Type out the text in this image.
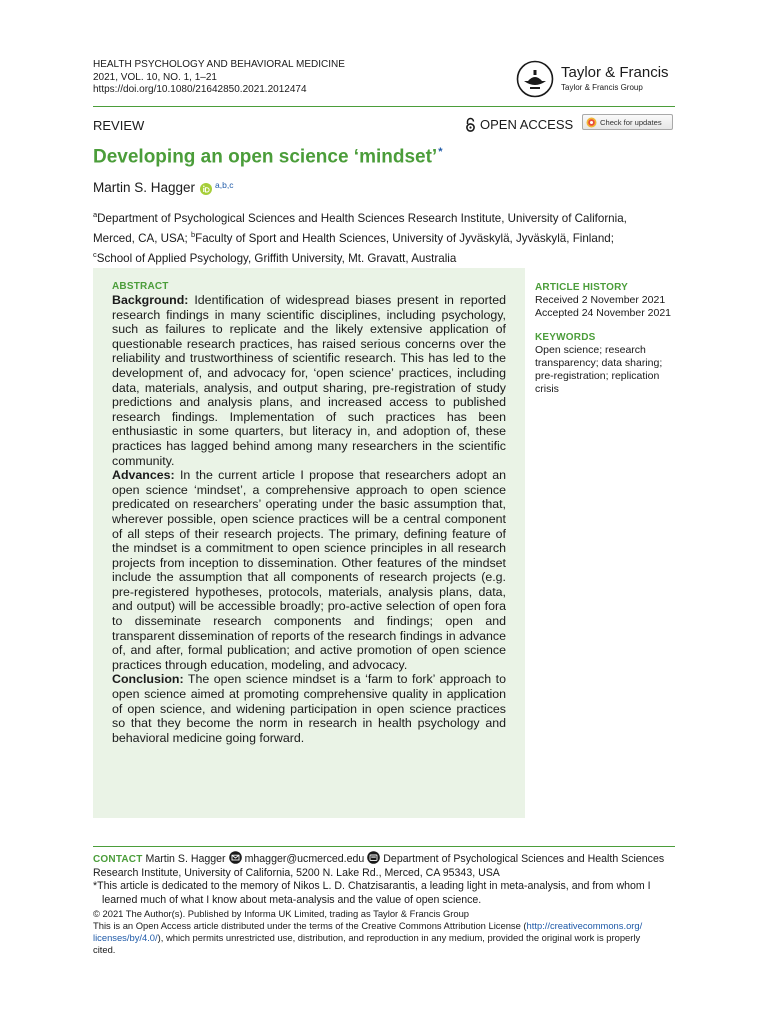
HEALTH PSYCHOLOGY AND BEHAVIORAL MEDICINE
2021, VOL. 10, NO. 1, 1–21
https://doi.org/10.1080/21642850.2021.2012474
Taylor & Francis
Taylor & Francis Group
REVIEW	OPEN ACCESS	Check for updates
Developing an open science ‘mindset’*
Martin S. Hagger $^{a,b,c}$
$^a$Department of Psychological Sciences and Health Sciences Research Institute, University of California,
Merced, CA, USA; $^b$Faculty of Sport and Health Sciences, University of Jyväskylä, Jyväskylä, Finland;
$^c$School of Applied Psychology, Griffith University, Mt. Gravatt, Australia
ABSTRACT

Background: Identification of widespread biases present in reported research findings in many scientific disciplines, including psychology, such as failures to replicate and the likely extensive application of questionable research practices, has raised serious concerns over the reliability and trustworthiness of scientific research. This has led to the development of, and advocacy for, ‘open science’ practices, including data, materials, analysis, and output sharing, pre-registration of study predictions and analysis plans, and increased access to published research findings. Implementation of such practices has been enthusiastic in some quarters, but literacy in, and adoption of, these practices has lagged behind among many researchers in the scientific community.

Advances: In the current article I propose that researchers adopt an open science ‘mindset’, a comprehensive approach to open science predicated on researchers’ operating under the basic assumption that, wherever possible, open science practices will be a central component of all steps of their research projects. The primary, defining feature of the mindset is a commitment to open science principles in all research projects from inception to dissemination. Other features of the mindset include the assumption that all components of research projects (e.g. pre-registered hypotheses, protocols, materials, analysis plans, data, and output) will be accessible broadly; pro-active selection of open fora to disseminate research components and findings; open and transparent dissemination of reports of the research findings in advance of, and after, formal publication; and active promotion of open science practices through education, modeling, and advocacy.

Conclusion: The open science mindset is a ‘farm to fork’ approach to open science aimed at promoting comprehensive quality in application of open science, and widening participation in open science practices so that they become the norm in research in health psychology and behavioral medicine going forward.

ARTICLE HISTORY
Received 2 November 2021
Accepted 24 November 2021
KEYWORDS
Open science; research
transparency; data sharing;
pre-registration; replication
crisis
CONTACT Martin S. Hagger mhagger@ucmerced.edu Department of Psychological Sciences and Health Sciences
Research Institute, University of California, 5200 N. Lake Rd., Merced, CA 95343, USA
*This article is dedicated to the memory of Nikos L. D. Chatzisarantis, a leading light in meta-analysis, and from whom I
learned much of what I know about meta-analysis and the value of open science.
© 2021 The Author(s). Published by Informa UK Limited, trading as Taylor & Francis Group
This is an Open Access article distributed under the terms of the Creative Commons Attribution License (http://creativecommons.org/
licenses/by/4.0/), which permits unrestricted use, distribution, and reproduction in any medium, provided the original work is properly
cited.
